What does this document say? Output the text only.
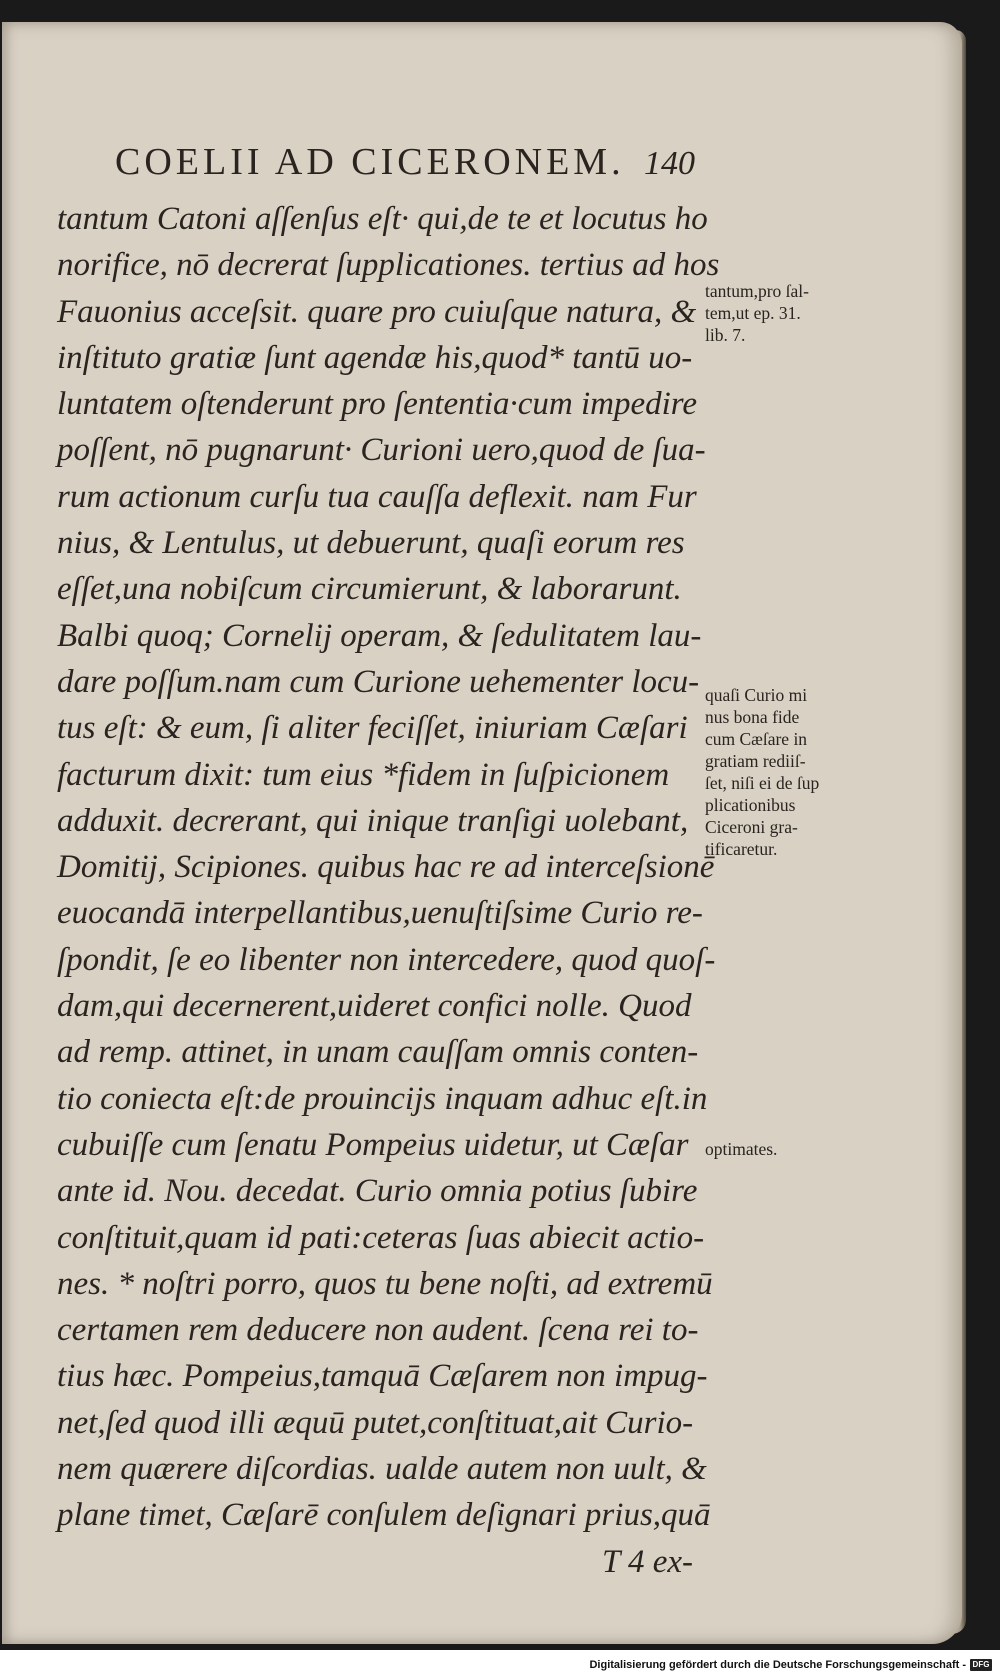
COELII AD CICERONEM. 140
tantum Catoni aſſenſus eſt· qui,de te et locutus ho
norifice, nō decrerat ſupplicationes. tertius ad hos
Fauonius acceſsit. quare pro cuiuſque natura, &
inſtituto gratiæ ſunt agendæ his,quod* tantū uo-
luntatem oſtenderunt pro ſententia·cum impedire
poſſent, nō pugnarunt· Curioni uero,quod de ſua-
rum actionum curſu tua cauſſa deflexit. nam Fur
nius, & Lentulus, ut debuerunt, quaſi eorum res
eſſet,una nobiſcum circumierunt, & laborarunt.
Balbi quoq; Cornelij operam, & ſedulitatem lau-
dare poſſum.nam cum Curione uehementer locu-
tus eſt: & eum, ſi aliter feciſſet, iniuriam Cæſari
facturum dixit: tum eius *fidem in ſuſpicionem
adduxit. decrerant, qui inique tranſigi uolebant,
Domitij, Scipiones. quibus hac re ad interceſsionē
euocandā interpellantibus,uenuſtiſsime Curio re-
ſpondit, ſe eo libenter non intercedere, quod quoſ-
dam,qui decernerent,uideret confici nolle. Quod
ad remp. attinet, in unam cauſſam omnis conten-
tio coniecta eſt:de prouincijs inquam adhuc eſt.in
cubuiſſe cum ſenatu Pompeius uidetur, ut Cæſar
ante id. Nou. decedat. Curio omnia potius ſubire
conſtituit,quam id pati:ceteras ſuas abiecit actio-
nes. * noſtri porro, quos tu bene noſti, ad extremū
certamen rem deducere non audent. ſcena rei to-
tius hæc. Pompeius,tamquā Cæſarem non impug-
net,ſed quod illi æquū putet,conſtituat,ait Curio-
nem quærere diſcordias. ualde autem non uult, &
plane timet, Cæſarē conſulem deſignari prius,quā
T 4 ex-
tantum,pro ſal-
tem,ut ep. 31.
lib. 7.
quaſi Curio mi
nus bona fide
cum Cæſare in
gratiam rediiſ-
ſet, niſi ei de ſup
plicationibus
Ciceroni gra-
tificaretur.
optimates.
Digitalisierung gefördert durch die Deutsche Forschungsgemeinschaft - DFG
